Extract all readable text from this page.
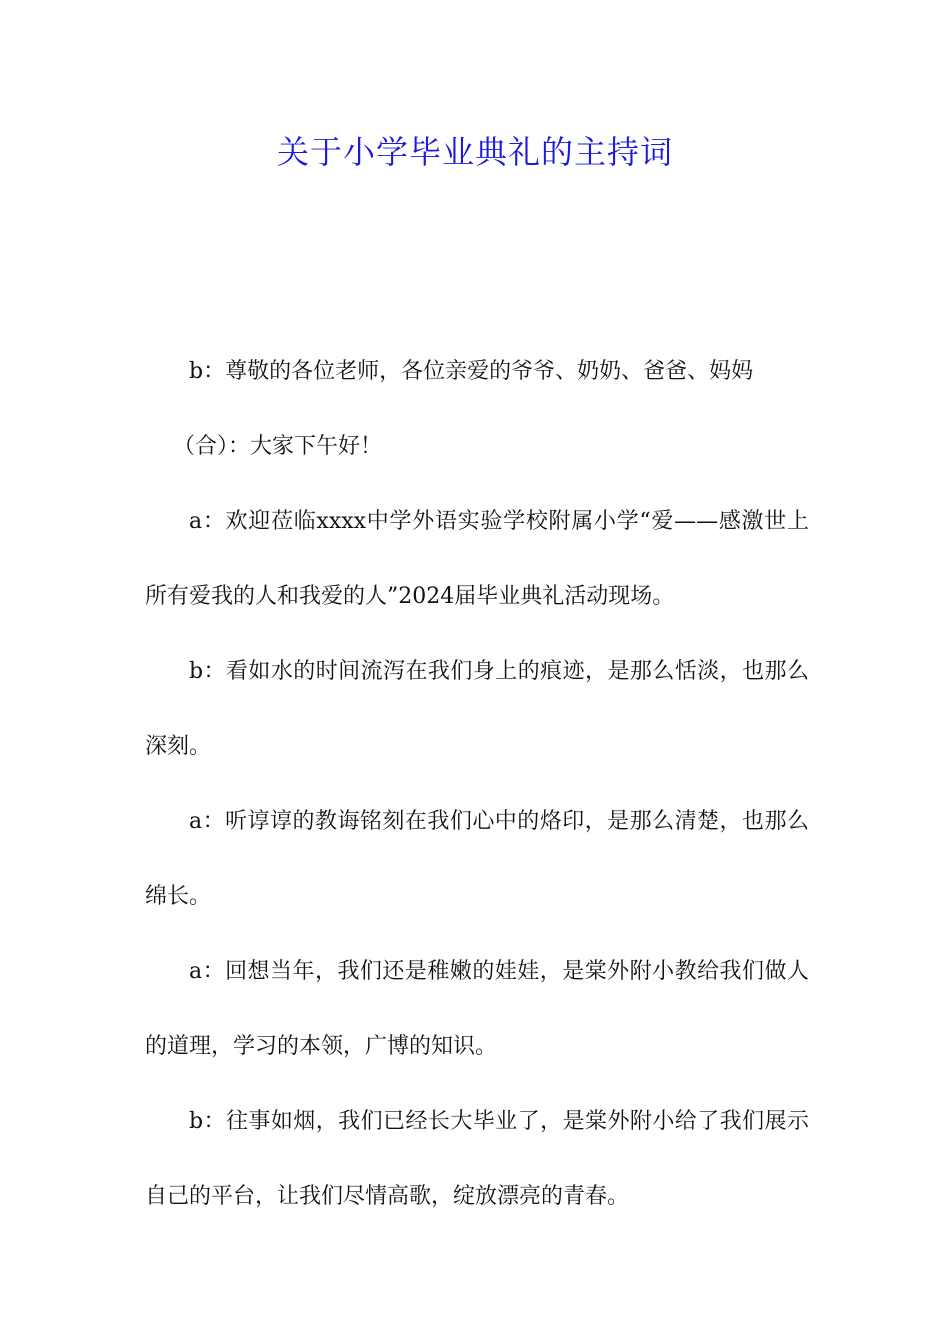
关于小学毕业典礼的主持词

b：尊敬的各位老师，各位亲爱的爷爷、奶奶、爸爸、妈妈

（合）：大家下午好！

a：欢迎莅临xxxx中学外语实验学校附属小学“爱——感激世上所有爱我的人和我爱的人”2024届毕业典礼活动现场。

b：看如水的时间流泻在我们身上的痕迹，是那么恬淡，也那么深刻。

a：听谆谆的教诲铭刻在我们心中的烙印，是那么清楚，也那么绵长。

a：回想当年，我们还是稚嫩的娃娃，是棠外附小教给我们做人的道理，学习的本领，广博的知识。

b：往事如烟，我们已经长大毕业了，是棠外附小给了我们展示自己的平台，让我们尽情高歌，绽放漂亮的青春。
